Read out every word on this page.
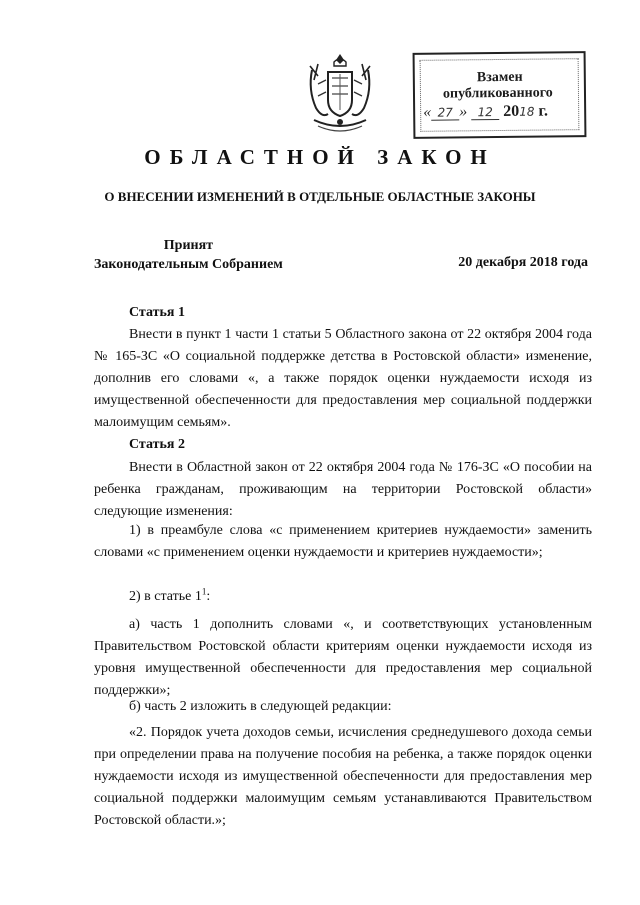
Взамен
опубликованного
« 27 » 12 2018 г.
ОБЛАСТНОЙ ЗАКОН
О ВНЕСЕНИИ ИЗМЕНЕНИЙ В ОТДЕЛЬНЫЕ ОБЛАСТНЫЕ ЗАКОНЫ
Принят
Законодательным Собранием	20 декабря 2018 года
Статья 1

Внести в пункт 1 части 1 статьи 5 Областного закона от 22 октября 2004 года № 165-ЗС «О социальной поддержке детства в Ростовской области» изменение, дополнив его словами «, а также порядок оценки нуждаемости исходя из имущественной обеспеченности для предоставления мер социальной поддержки малоимущим семьям».

Статья 2

Внести в Областной закон от 22 октября 2004 года № 176-ЗС «О пособии на ребенка гражданам, проживающим на территории Ростовской области» следующие изменения:

1) в преамбуле слова «с применением критериев нуждаемости» заменить словами «с применением оценки нуждаемости и критериев нуждаемости»;

2) в статье $1^1$:

а) часть 1 дополнить словами «, и соответствующих установленным Правительством Ростовской области критериям оценки нуждаемости исходя из уровня имущественной обеспеченности для предоставления мер социальной поддержки»;

б) часть 2 изложить в следующей редакции:

«2. Порядок учета доходов семьи, исчисления среднедушевого дохода семьи при определении права на получение пособия на ребенка, а также порядок оценки нуждаемости исходя из имущественной обеспеченности для предоставления мер социальной поддержки малоимущим семьям устанавливаются Правительством Ростовской области.»;
